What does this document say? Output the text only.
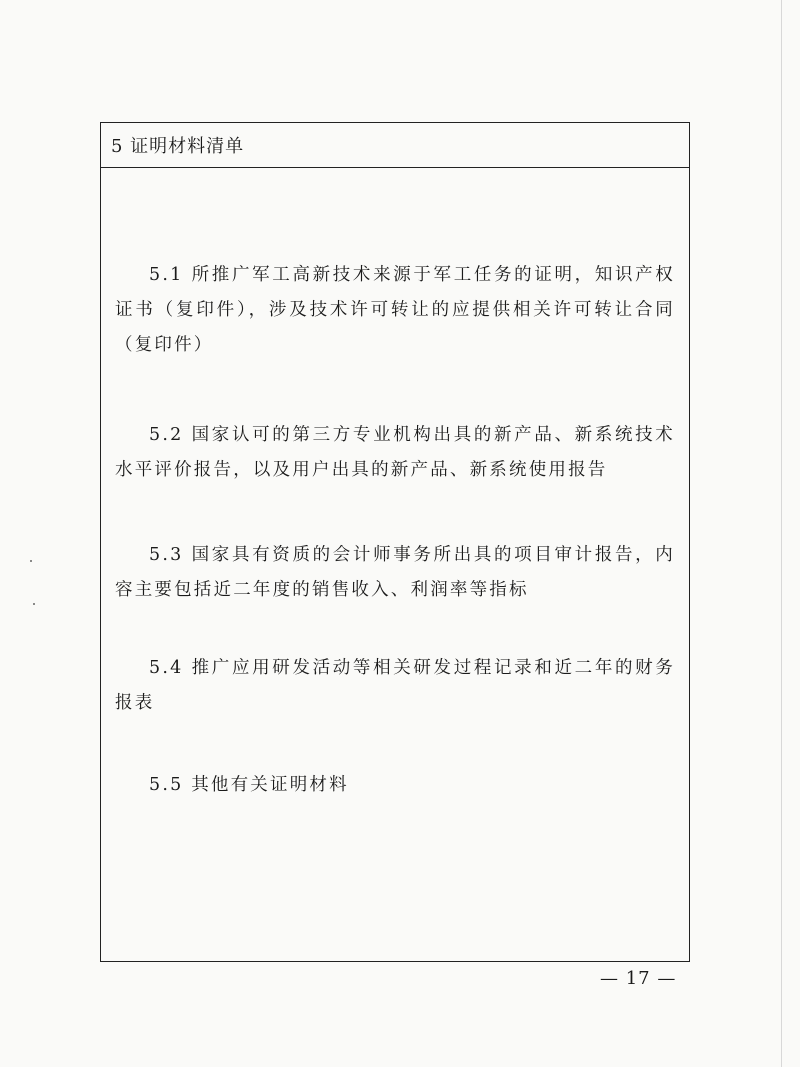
5 证明材料清单
5.1 所推广军工高新技术来源于军工任务的证明，知识产权证书（复印件），涉及技术许可转让的应提供相关许可转让合同（复印件）
5.2 国家认可的第三方专业机构出具的新产品、新系统技术水平评价报告，以及用户出具的新产品、新系统使用报告
5.3 国家具有资质的会计师事务所出具的项目审计报告，内容主要包括近二年度的销售收入、利润率等指标
5.4 推广应用研发活动等相关研发过程记录和近二年的财务报表
5.5 其他有关证明材料
— 17 —
